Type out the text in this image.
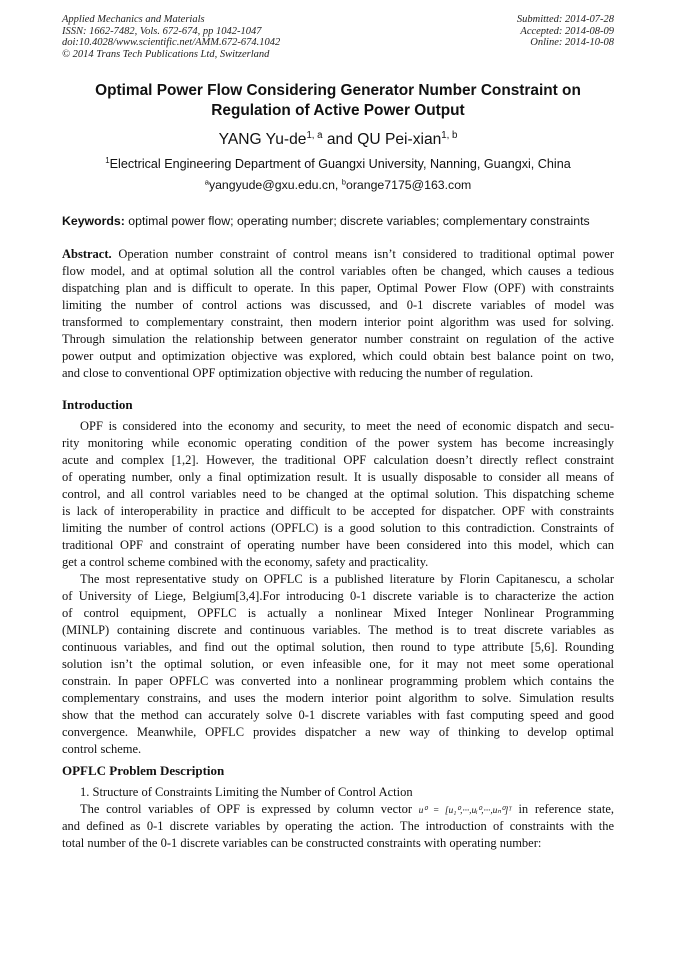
Applied Mechanics and Materials
ISSN: 1662-7482, Vols. 672-674, pp 1042-1047
doi:10.4028/www.scientific.net/AMM.672-674.1042
© 2014 Trans Tech Publications Ltd, Switzerland
Submitted: 2014-07-28
Accepted: 2014-08-09
Online: 2014-10-08
Optimal Power Flow Considering Generator Number Constraint on
Regulation of Active Power Output
YANG Yu-de$^{1, a}$ and QU Pei-xian$^{1, b}$
$^1$Electrical Engineering Department of Guangxi University, Nanning, Guangxi, China
$^a$yangyude@gxu.edu.cn, $^b$orange7175@163.com
Keywords: optimal power flow; operating number; discrete variables; complementary constraints
Abstract. Operation number constraint of control means isn’t considered to traditional optimal power
flow model, and at optimal solution all the control variables often be changed, which causes a tedious
dispatching plan and is difficult to operate. In this paper, Optimal Power Flow (OPF) with constraints
limiting the number of control actions was discussed, and 0-1 discrete variables of model was
transformed to complementary constraint, then modern interior point algorithm was used for solving.
Through simulation the relationship between generator number constraint on regulation of the active
power output and optimization objective was explored, which could obtain best balance point on two,
and close to conventional OPF optimization objective with reducing the number of regulation.
Introduction
OPF is considered into the economy and security, to meet the need of economic dispatch and secu-
rity monitoring while economic operating condition of the power system has become increasingly
acute and complex [1,2]. However, the traditional OPF calculation doesn’t directly reflect constraint
of operating number, only a final optimization result. It is usually disposable to consider all means of
control, and all control variables need to be changed at the optimal solution. This dispatching scheme
is lack of interoperability in practice and difficult to be accepted for dispatcher. OPF with constraints
limiting the number of control actions (OPFLC) is a good solution to this contradiction. Constraints of
traditional OPF and constraint of operating number have been considered into this model, which can
get a control scheme combined with the economy, safety and practicality.
The most representative study on OPFLC is a published literature by Florin Capitanescu, a scholar
of University of Liege, Belgium[3,4].For introducing 0-1 discrete variable is to characterize the action
of control equipment, OPFLC is actually a nonlinear Mixed Integer Nonlinear Programming
(MINLP) containing discrete and continuous variables. The method is to treat discrete variables as
continuous variables, and find out the optimal solution, then round to type attribute [5,6]. Rounding
solution isn’t the optimal solution, or even infeasible one, for it may not meet some operational
constrain. In paper OPFLC was converted into a nonlinear programming problem which contains the
complementary constrains, and uses the modern interior point algorithm to solve. Simulation results
show that the method can accurately solve 0-1 discrete variables with fast computing speed and good
convergence. Meanwhile, OPFLC provides dispatcher a new way of thinking to develop optimal
control scheme.
OPFLC Problem Description
1. Structure of Constraints Limiting the Number of Control Action
The control variables of OPF is expressed by column vector u⁰ = [u₁⁰,···,uᵢ⁰,···,uₙ⁰]ᵀ in reference state,
and defined as 0-1 discrete variables by operating the action. The introduction of constraints with the
total number of the 0-1 discrete variables can be constructed constraints with operating number:
